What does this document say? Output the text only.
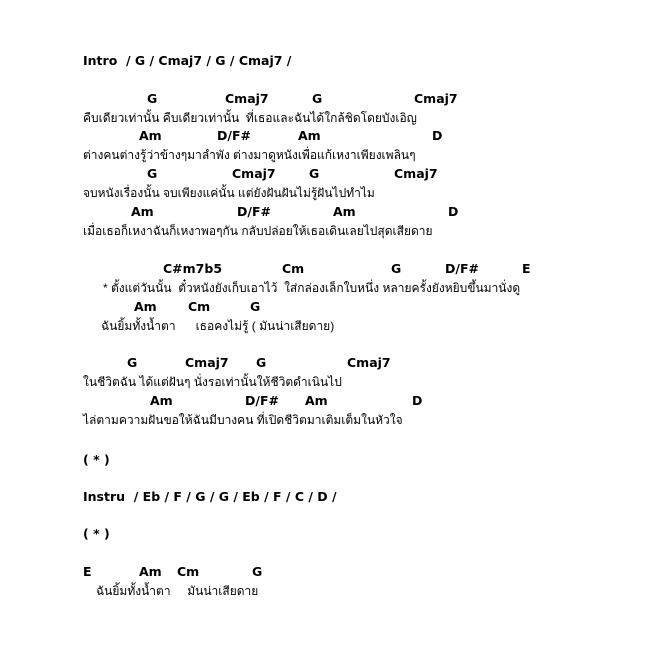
Intro  / G / Cmaj7 / G / Cmaj7 /
( * )
Instru  / Eb / F / G / G / Eb / F / C / D /
( * )
G	Cmaj7	G	Cmaj7
คืบเดียวเท่านั้น คืบเดียวเท่านั้น  ที่เธอและฉันได้ใกล้ชิดโดยบังเอิญ
Am	D/F#	Am	D
ต่างคนต่างรู้ว่าข้างๆมาลำพัง ต่างมาดูหนังเพื่อแก้เหงาเพียงเพลินๆ
G	Cmaj7	G	Cmaj7
จบหนังเรื่องนั้น จบเพียงแค่นั้น แต่ยังฝันฝันไม่รู้ฝันไปทำไม
Am	D/F#	Am	D
เมื่อเธอก็เหงาฉันก็เหงาพอๆกัน กลับปล่อยให้เธอเดินเลยไปสุดเสียดาย
C#m7b5	Cm	G	D/F#	E
* ตั้งแต่วันนั้น  ตั๋วหนังยังเก็บเอาไว้  ใส่กล่องเล็กใบหนึ่ง หลายครั้งยังหยิบขึ้นมานั่งดู
Am	Cm	G
ฉันยิ้มทั้งน้ำตา      เธอคงไม่รู้ ( มันน่าเสียดาย)
G	Cmaj7 G	Cmaj7
ในชีวิตฉัน ได้แต่ฝันๆ นั่งรอเท่านั้นให้ชีวิตดำเนินไป
Am	D/F# Am	D
ไล่ตามความฝันขอให้ฉันมีบางคน ที่เปิดชีวิตมาเติมเต็มในหัวใจ
E	Am Cm	G
ฉันยิ้มทั้งน้ำตา     มันน่าเสียดาย
